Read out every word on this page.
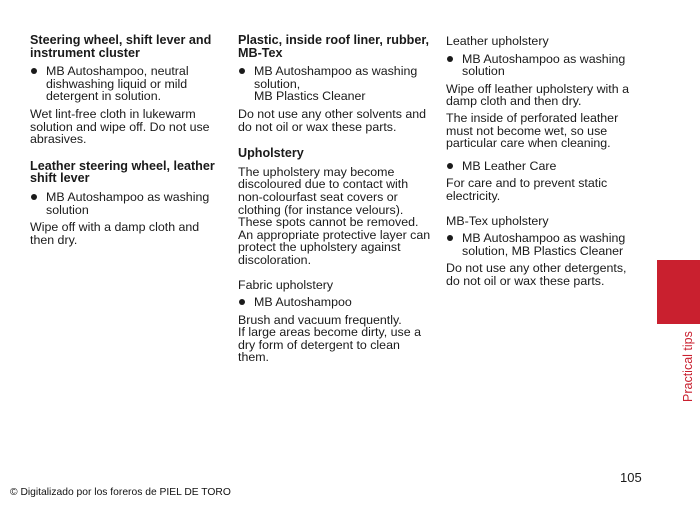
Steering wheel, shift lever and instrument cluster
MB Autoshampoo, neutral dishwashing liquid or mild detergent in solution.
Wet lint-free cloth in lukewarm solution and wipe off. Do not use abrasives.
Leather steering wheel, leather shift lever
MB Autoshampoo as washing solution
Wipe off with a damp cloth and then dry.
Plastic, inside roof liner, rubber, MB-Tex
MB Autoshampoo as washing solution,
MB Plastics Cleaner
Do not use any other solvents and do not oil or wax these parts.
Upholstery
The upholstery may become discoloured due to contact with non-colourfast seat covers or clothing (for instance velours). These spots cannot be removed. An appropriate protective layer can protect the upholstery against discoloration.
Fabric upholstery
MB Autoshampoo
Brush and vacuum frequently.
If large areas become dirty, use a dry form of detergent to clean them.
Leather upholstery
MB Autoshampoo as washing solution
Wipe off leather upholstery with a damp cloth and then dry.
The inside of perforated leather must not become wet, so use particular care when cleaning.
MB Leather Care
For care and to prevent static electricity.
MB-Tex upholstery
MB Autoshampoo as washing solution, MB Plastics Cleaner
Do not use any other detergents, do not oil or wax these parts.
Practical tips
105
© Digitalizado por los foreros de PIEL DE TORO
